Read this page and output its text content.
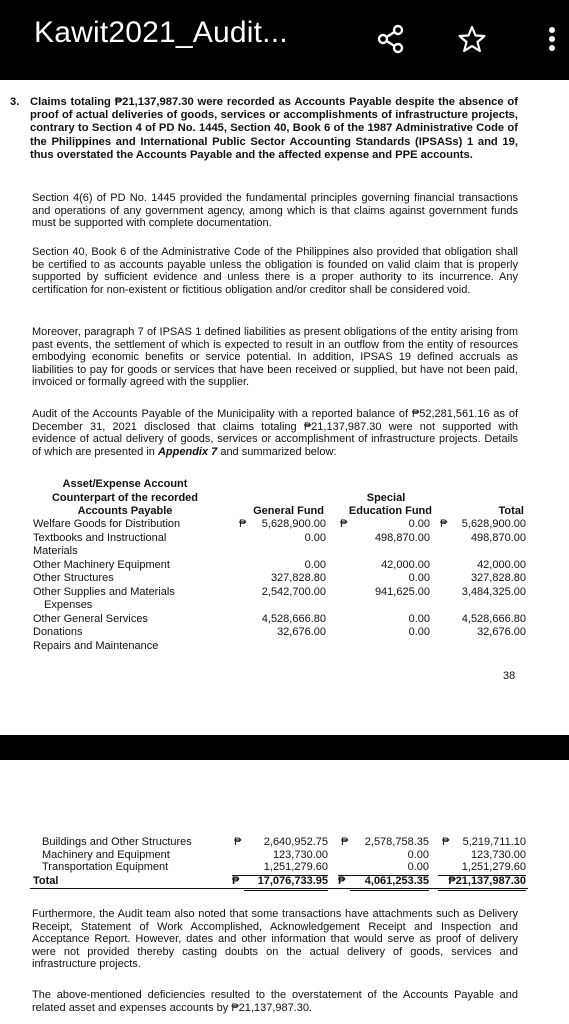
Kawit2021_Audit...
3. Claims totaling ₱21,137,987.30 were recorded as Accounts Payable despite the absence of proof of actual deliveries of goods, services or accomplishments of infrastructure projects, contrary to Section 4 of PD No. 1445, Section 40, Book 6 of the 1987 Administrative Code of the Philippines and International Public Sector Accounting Standards (IPSASs) 1 and 19, thus overstated the Accounts Payable and the affected expense and PPE accounts.
Section 4(6) of PD No. 1445 provided the fundamental principles governing financial transactions and operations of any government agency, among which is that claims against government funds must be supported with complete documentation.
Section 40, Book 6 of the Administrative Code of the Philippines also provided that obligation shall be certified to as accounts payable unless the obligation is founded on valid claim that is properly supported by sufficient evidence and unless there is a proper authority to its incurrence. Any certification for non-existent or fictitious obligation and/or creditor shall be considered void.
Moreover, paragraph 7 of IPSAS 1 defined liabilities as present obligations of the entity arising from past events, the settlement of which is expected to result in an outflow from the entity of resources embodying economic benefits or service potential. In addition, IPSAS 19 defined accruals as liabilities to pay for goods or services that have been received or supplied, but have not been paid, invoiced or formally agreed with the supplier.
Audit of the Accounts Payable of the Municipality with a reported balance of ₱52,281,561.16 as of December 31, 2021 disclosed that claims totaling ₱21,137,987.30 were not supported with evidence of actual delivery of goods, services or accomplishment of infrastructure projects. Details of which are presented in Appendix 7 and summarized below:
Asset/Expense Account
Counterpart of the recorded
Accounts Payable
Special
General Fund	Education Fund	Total
Welfare Goods for Distribution	₱	5,628,900.00 ₱	0.00 ₱	5,628,900.00
Textbooks and Instructional
Materials
0.00	498,870.00	498,870.00
Other Machinery Equipment	0.00	42,000.00	42,000.00
Other Structures	327,828.80	0.00	327,828.80
Other Supplies and Materials
Expenses
2,542,700.00	941,625.00	3,484,325.00
Other General Services	4,528,666.80	0.00	4,528,666.80
Donations	32,676.00	0.00	32,676.00
Repairs and Maintenance
38
Buildings and Other Structures	₱	2,640,952.75 ₱	2,578,758.35 ₱	5,219,711.10
Machinery and Equipment	123,730.00	0.00	123,730.00
Transportation Equipment	1,251,279.60	0.00	1,251,279.60
Total	₱	17,076,733.95 ₱	4,061,253.35	₱21,137,987.30
Furthermore, the Audit team also noted that some transactions have attachments such as Delivery Receipt, Statement of Work Accomplished, Acknowledgement Receipt and Inspection and Acceptance Report. However, dates and other information that would serve as proof of delivery were not provided thereby casting doubts on the actual delivery of goods, services and infrastructure projects.
The above-mentioned deficiencies resulted to the overstatement of the Accounts Payable and related asset and expenses accounts by ₱21,137,987.30.
